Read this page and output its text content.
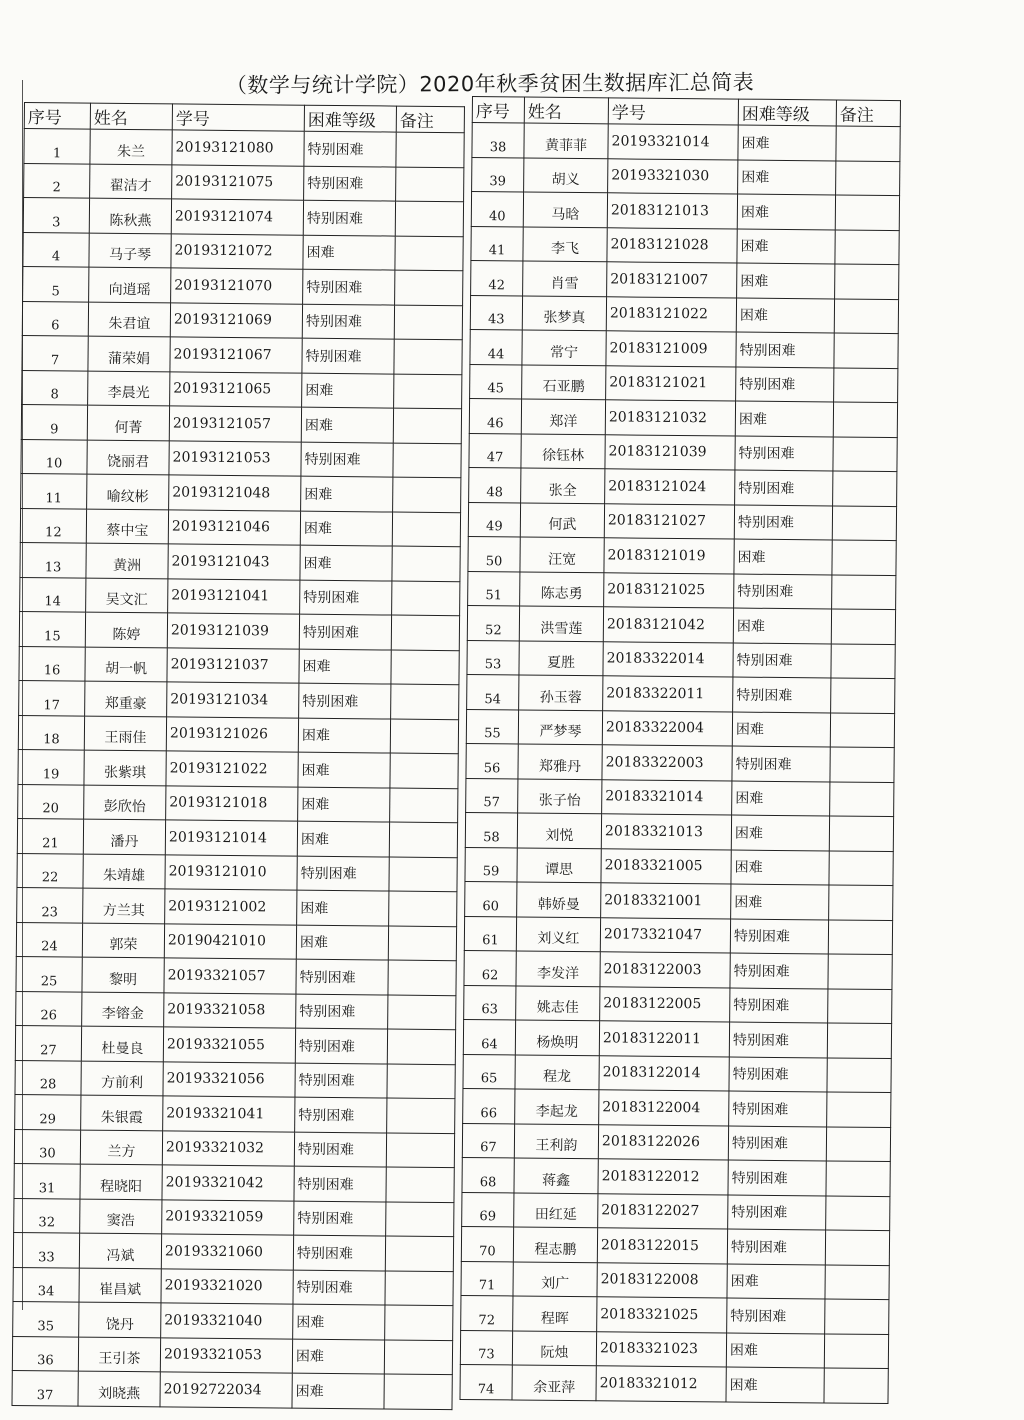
（数学与统计学院）2020年秋季贫困生数据库汇总简表
序号	姓名	学号	困难等级	备注
1	朱兰	20193121080	特别困难	
2	翟洁才	20193121075	特别困难	
3	陈秋燕	20193121074	特别困难	
4	马子琴	20193121072	困难	
5	向逍瑶	20193121070	特别困难	
6	朱君谊	20193121069	特别困难	
7	蒲荣娟	20193121067	特别困难	
8	李晨光	20193121065	困难	
9	何菁	20193121057	困难	
10	饶丽君	20193121053	特别困难	
11	喻纹彬	20193121048	困难	
12	蔡中宝	20193121046	困难	
13	黄洲	20193121043	困难	
14	吴文汇	20193121041	特别困难	
15	陈婷	20193121039	特别困难	
16	胡一帆	20193121037	困难	
17	郑重豪	20193121034	特别困难	
18	王雨佳	20193121026	困难	
19	张紫琪	20193121022	困难	
20	彭欣怡	20193121018	困难	
21	潘丹	20193121014	困难	
22	朱靖雄	20193121010	特别困难	
23	方兰其	20193121002	困难	
24	郭荣	20190421010	困难	
25	黎明	20193321057	特别困难	
26	李镕金	20193321058	特别困难	
27	杜曼良	20193321055	特别困难	
28	方前利	20193321056	特别困难	
29	朱银霞	20193321041	特别困难	
30	兰方	20193321032	特别困难	
31	程晓阳	20193321042	特别困难	
32	窦浩	20193321059	特别困难	
33	冯斌	20193321060	特别困难	
34	崔昌斌	20193321020	特别困难	
35	饶丹	20193321040	困难	
36	王引茶	20193321053	困难	
37	刘晓燕	20192722034	困难	
序号	姓名	学号	困难等级	备注
38	黄菲菲	20193321014	困难	
39	胡义	20193321030	困难	
40	马晗	20183121013	困难	
41	李飞	20183121028	困难	
42	肖雪	20183121007	困难	
43	张梦真	20183121022	困难	
44	常宁	20183121009	特别困难	
45	石亚鹏	20183121021	特别困难	
46	郑洋	20183121032	困难	
47	徐钰林	20183121039	特别困难	
48	张全	20183121024	特别困难	
49	何武	20183121027	特别困难	
50	汪宽	20183121019	困难	
51	陈志勇	20183121025	特别困难	
52	洪雪莲	20183121042	困难	
53	夏胜	20183322014	特别困难	
54	孙玉蓉	20183322011	特别困难	
55	严梦琴	20183322004	困难	
56	郑雅丹	20183322003	特别困难	
57	张子怡	20183321014	困难	
58	刘悦	20183321013	困难	
59	谭思	20183321005	困难	
60	韩娇曼	20183321001	困难	
61	刘义红	20173321047	特别困难	
62	李发洋	20183122003	特别困难	
63	姚志佳	20183122005	特别困难	
64	杨焕明	20183122011	特别困难	
65	程龙	20183122014	特别困难	
66	李起龙	20183122004	特别困难	
67	王利韵	20183122026	特别困难	
68	蒋鑫	20183122012	特别困难	
69	田红延	20183122027	特别困难	
70	程志鹏	20183122015	特别困难	
71	刘广	20183122008	困难	
72	程晖	20183321025	特别困难	
73	阮烛	20183321023	困难	
74	余亚萍	20183321012	困难	
